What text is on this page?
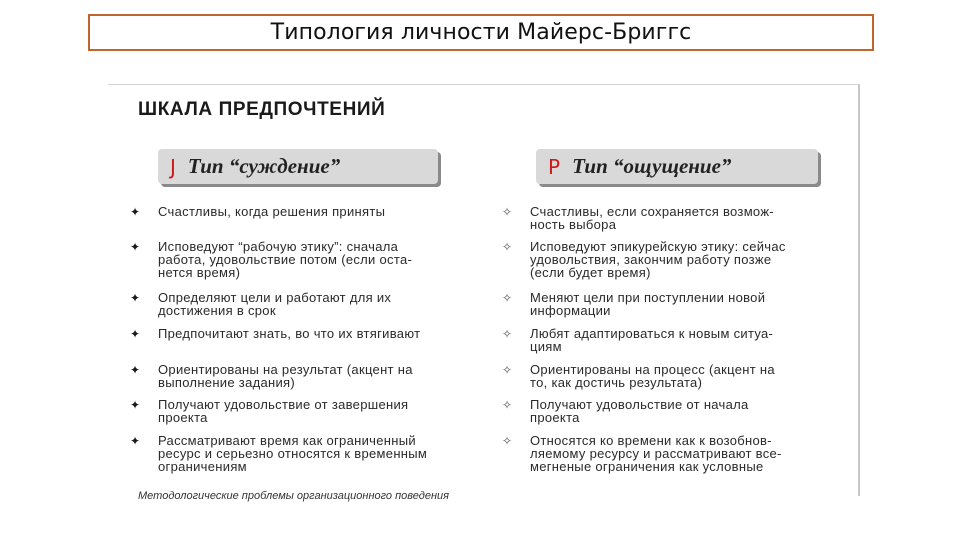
Типология личности Майерс-Бриггс
ШКАЛА ПРЕДПОЧТЕНИЙ
J Тип “суждение”	P Тип “ощущение”
✦	Счастливы, когда решения приняты
✦	Исповедуют “рабочую этику”: сначала
работа, удовольствие потом (если оста-
нется время)
✦	Определяют цели и работают для их
достижения в срок
✦	Предпочитают знать, во что их втягивают
✦	Ориентированы на результат (акцент на
выполнение задания)
✦	Получают удовольствие от завершения
проекта
✦	Рассматривают время как ограниченный
ресурс и серьезно относятся к временным
ограничениям
✧	Счастливы, если сохраняется возмож-
ность выбора
✧	Исповедуют эпикурейскую этику: сейчас
удовольствия, закончим работу позже
(если будет время)
✧	Меняют цели при поступлении новой
информации
✧	Любят адаптироваться к новым ситуа-
циям
✧	Ориентированы на процесс (акцент на
то, как достичь результата)
✧	Получают удовольствие от начала
проекта
✧	Относятся ко времени как к возобнов-
ляемому ресурсу и рассматривают все-
мегненые ограничения как условные
Методологические проблемы организационного поведения
